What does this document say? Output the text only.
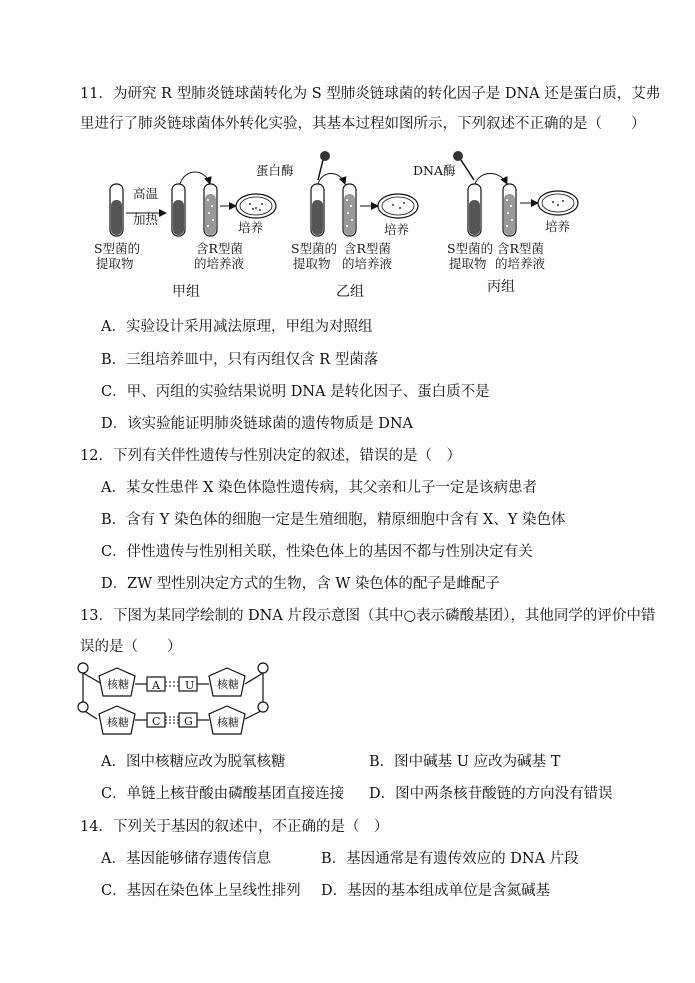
11．为研究 R 型肺炎链球菌转化为 S 型肺炎链球菌的转化因子是 DNA 还是蛋白质，艾弗
里进行了肺炎链球菌体外转化实验，其基本过程如图所示，下列叙述不正确的是（　　）
高温
加热
S型菌的
提取物
含R型菌
的培养液
培养
甲组
蛋白酶
S型菌的
提取物
含R型菌
的培养液
培养
乙组
DNA酶
S型菌的
提取物
含R型菌
的培养液
培养
丙组
A．实验设计采用减法原理，甲组为对照组
B．三组培养皿中，只有丙组仅含 R 型菌落
C．甲、丙组的实验结果说明 DNA 是转化因子、蛋白质不是
D．该实验能证明肺炎链球菌的遗传物质是 DNA
12．下列有关伴性遗传与性别决定的叙述，错误的是（　）
A．某女性患伴 X 染色体隐性遗传病，其父亲和儿子一定是该病患者
B．含有 Y 染色体的细胞一定是生殖细胞，精原细胞中含有 X、Y 染色体
C．伴性遗传与性别相关联，性染色体上的基因不都与性别决定有关
D．ZW 型性别决定方式的生物，含 W 染色体的配子是雌配子
13．下图为某同学绘制的 DNA 片段示意图（其中○表示磷酸基团），其他同学的评价中错
误的是（　　）
核糖
核糖
核糖
核糖
A U
C G
A．图中核糖应改为脱氧核糖	B．图中碱基 U 应改为碱基 T
C．单链上核苷酸由磷酸基团直接连接 D．图中两条核苷酸链的方向没有错误
14．下列关于基因的叙述中，不正确的是（　）
A．基因能够储存遗传信息	B．基因通常是有遗传效应的 DNA 片段
C．基因在染色体上呈线性排列 D．基因的基本组成单位是含氮碱基
